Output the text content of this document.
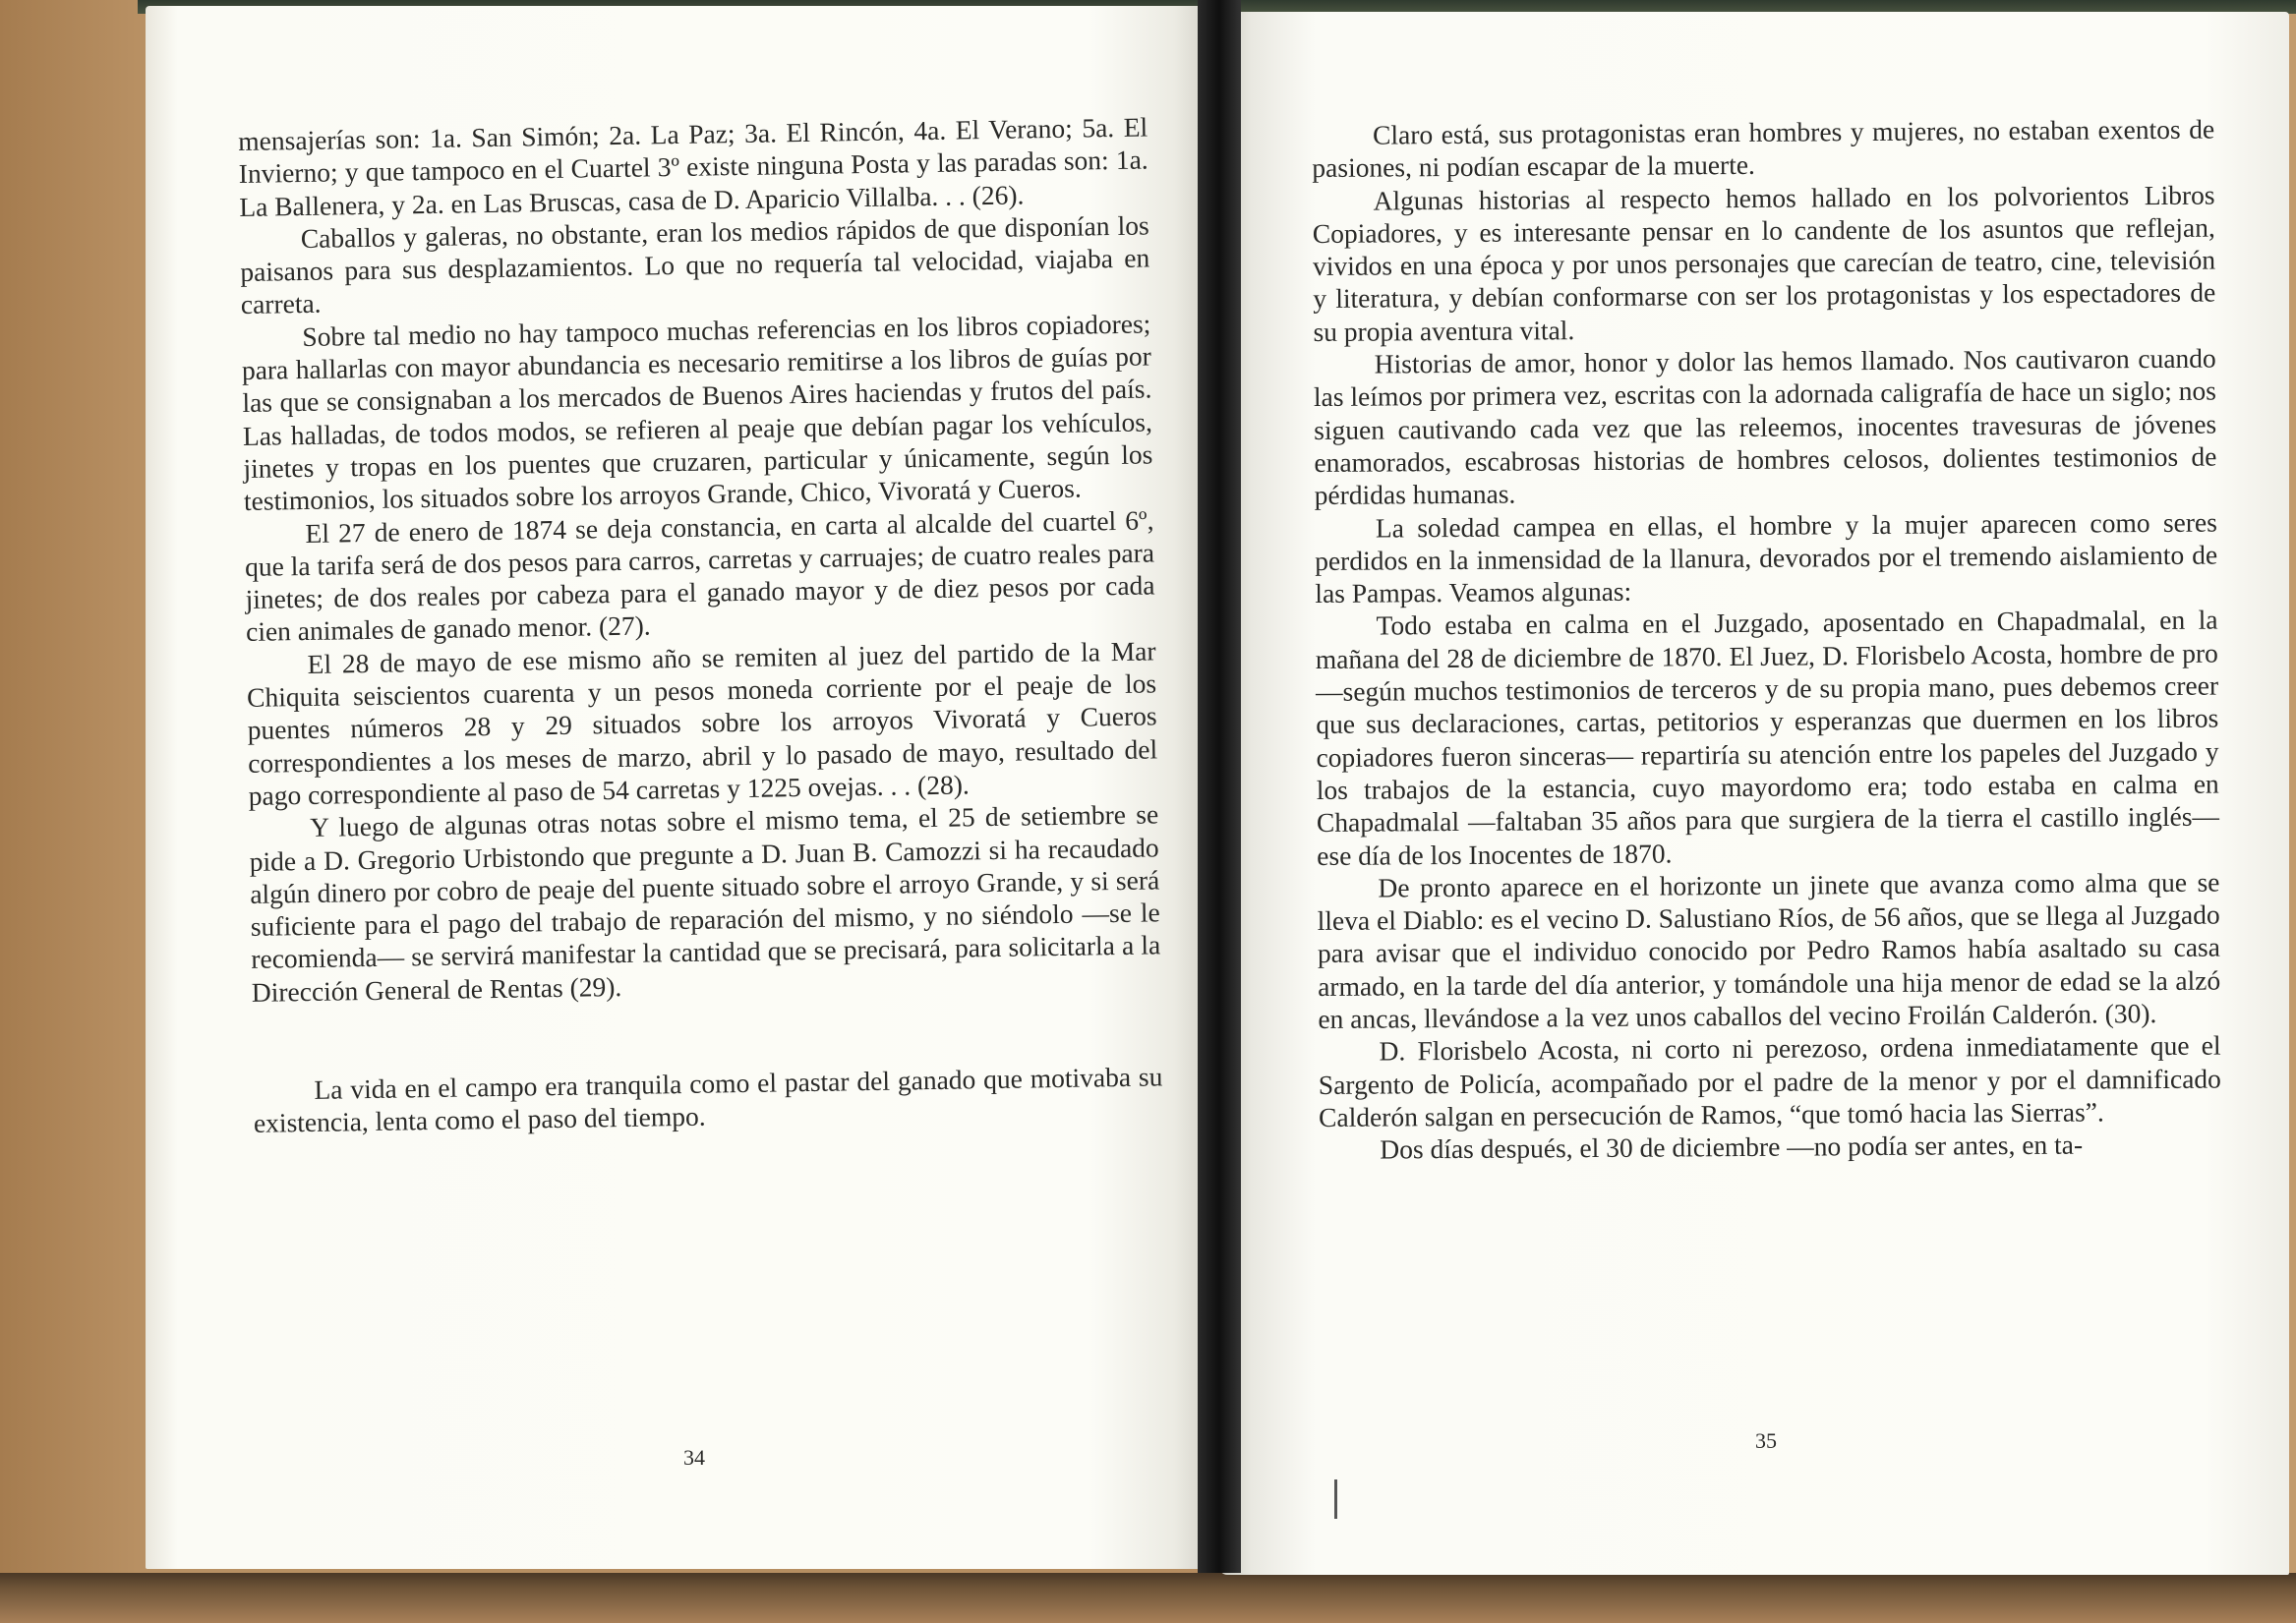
mensajerías son: 1a. San Simón; 2a. La Paz; 3a. El Rincón, 4a. El Verano; 5a. El Invierno; y que tampoco en el Cuartel 3º existe ninguna Posta y las paradas son: 1a. La Ballenera, y 2a. en Las Bruscas, casa de D. Aparicio Villalba. . . (26).

Caballos y galeras, no obstante, eran los medios rápidos de que disponían los paisanos para sus desplazamientos. Lo que no requería tal velocidad, viajaba en carreta.

Sobre tal medio no hay tampoco muchas referencias en los libros copiadores; para hallarlas con mayor abundancia es necesario remitirse a los libros de guías por las que se consignaban a los mercados de Buenos Aires haciendas y frutos del país. Las halladas, de todos modos, se refieren al peaje que debían pagar los vehículos, jinetes y tropas en los puentes que cruzaren, particular y únicamente, según los testimonios, los situados sobre los arroyos Grande, Chico, Vivoratá y Cueros.

El 27 de enero de 1874 se deja constancia, en carta al alcalde del cuartel 6º, que la tarifa será de dos pesos para carros, carretas y carruajes; de cuatro reales para jinetes; de dos reales por cabeza para el ganado mayor y de diez pesos por cada cien animales de ganado menor. (27).

El 28 de mayo de ese mismo año se remiten al juez del partido de la Mar Chiquita seiscientos cuarenta y un pesos moneda corriente por el peaje de los puentes números 28 y 29 situados sobre los arroyos Vivoratá y Cueros correspondientes a los meses de marzo, abril y lo pasado de mayo, resultado del pago correspondiente al paso de 54 carretas y 1225 ovejas. . . (28).

Y luego de algunas otras notas sobre el mismo tema, el 25 de setiembre se pide a D. Gregorio Urbistondo que pregunte a D. Juan B. Camozzi si ha recaudado algún dinero por cobro de peaje del puente situado sobre el arroyo Grande, y si será suficiente para el pago del trabajo de reparación del mismo, y no siéndolo —se le recomienda— se servirá manifestar la cantidad que se precisará, para solicitarla a la Dirección General de Rentas (29).

La vida en el campo era tranquila como el pastar del ganado que motivaba su existencia, lenta como el paso del tiempo.

34

Claro está, sus protagonistas eran hombres y mujeres, no estaban exentos de pasiones, ni podían escapar de la muerte.

Algunas historias al respecto hemos hallado en los polvorientos Libros Copiadores, y es interesante pensar en lo candente de los asuntos que reflejan, vividos en una época y por unos personajes que carecían de teatro, cine, televisión y literatura, y debían conformarse con ser los protagonistas y los espectadores de su propia aventura vital.

Historias de amor, honor y dolor las hemos llamado. Nos cautivaron cuando las leímos por primera vez, escritas con la adornada caligrafía de hace un siglo; nos siguen cautivando cada vez que las releemos, inocentes travesuras de jóvenes enamorados, escabrosas historias de hombres celosos, dolientes testimonios de pérdidas humanas.

La soledad campea en ellas, el hombre y la mujer aparecen como seres perdidos en la inmensidad de la llanura, devorados por el tremendo aislamiento de las Pampas. Veamos algunas:

Todo estaba en calma en el Juzgado, aposentado en Chapadmalal, en la mañana del 28 de diciembre de 1870. El Juez, D. Florisbelo Acosta, hombre de pro —según muchos testimonios de terceros y de su propia mano, pues debemos creer que sus declaraciones, cartas, petitorios y esperanzas que duermen en los libros copiadores fueron sinceras— repartiría su atención entre los papeles del Juzgado y los trabajos de la estancia, cuyo mayordomo era; todo estaba en calma en Chapadmalal —faltaban 35 años para que surgiera de la tierra el castillo inglés— ese día de los Inocentes de 1870.

De pronto aparece en el horizonte un jinete que avanza como alma que se lleva el Diablo: es el vecino D. Salustiano Ríos, de 56 años, que se llega al Juzgado para avisar que el individuo conocido por Pedro Ramos había asaltado su casa armado, en la tarde del día anterior, y tomándole una hija menor de edad se la alzó en ancas, llevándose a la vez unos caballos del vecino Froilán Calderón. (30).

D. Florisbelo Acosta, ni corto ni perezoso, ordena inmediatamente que el Sargento de Policía, acompañado por el padre de la menor y por el damnificado Calderón salgan en persecución de Ramos, “que tomó hacia las Sierras”.

Dos días después, el 30 de diciembre —no podía ser antes, en ta-

35
